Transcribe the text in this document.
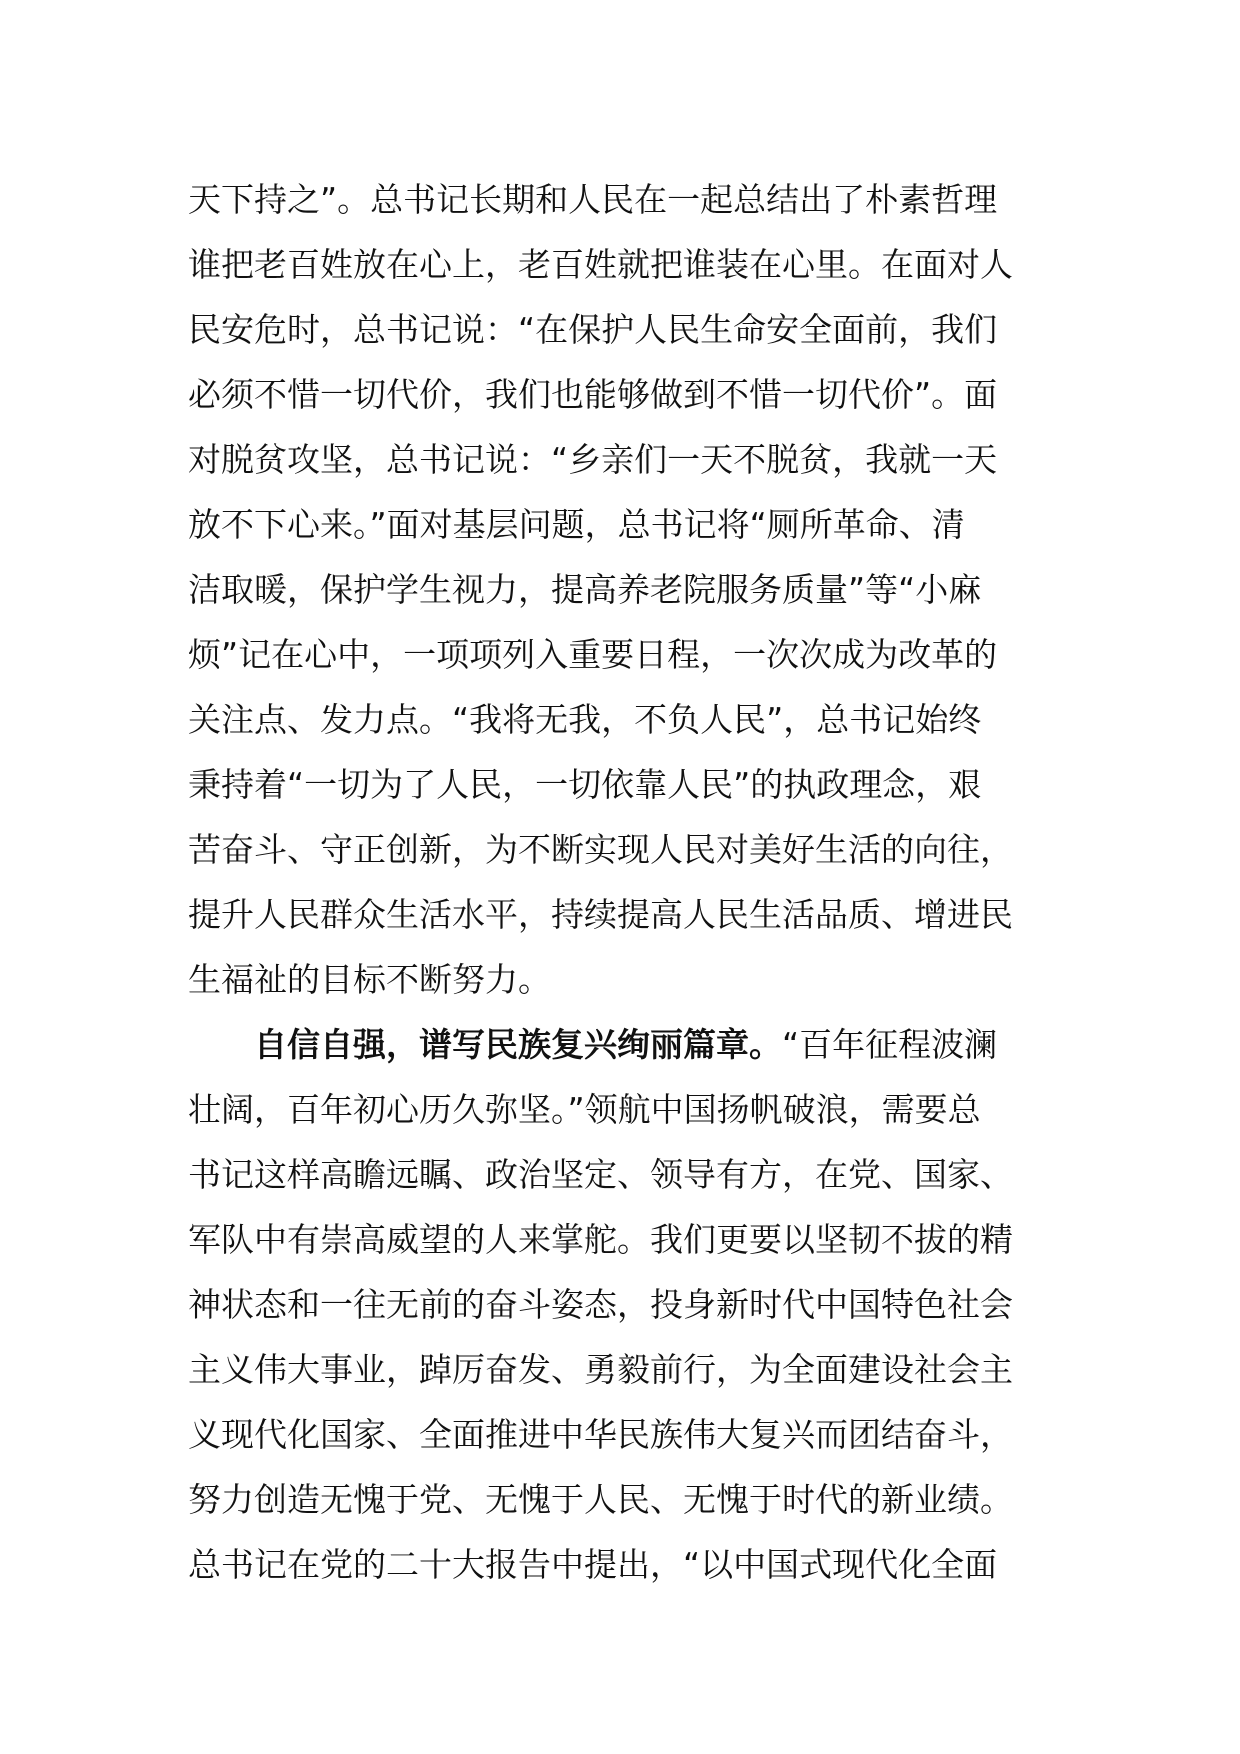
天下持之”。总书记长期和人民在一起总结出了朴素哲理
谁把老百姓放在心上，老百姓就把谁装在心里。在面对人
民安危时，总书记说：“在保护人民生命安全面前，我们
必须不惜一切代价，我们也能够做到不惜一切代价”。面
对脱贫攻坚，总书记说：“乡亲们一天不脱贫，我就一天
放不下心来。”面对基层问题，总书记将“厕所革命、清
洁取暖，保护学生视力，提高养老院服务质量”等“小麻
烦”记在心中，一项项列入重要日程，一次次成为改革的
关注点、发力点。“我将无我，不负人民”，总书记始终
秉持着“一切为了人民，一切依靠人民”的执政理念，艰
苦奋斗、守正创新，为不断实现人民对美好生活的向往，
提升人民群众生活水平，持续提高人民生活品质、增进民
生福祉的目标不断努力。
自信自强，谱写民族复兴绚丽篇章。“百年征程波澜
壮阔，百年初心历久弥坚。”领航中国扬帆破浪，需要总
书记这样高瞻远瞩、政治坚定、领导有方，在党、国家、
军队中有崇高威望的人来掌舵。我们更要以坚韧不拔的精
神状态和一往无前的奋斗姿态，投身新时代中国特色社会
主义伟大事业，踔厉奋发、勇毅前行，为全面建设社会主
义现代化国家、全面推进中华民族伟大复兴而团结奋斗，
努力创造无愧于党、无愧于人民、无愧于时代的新业绩。
总书记在党的二十大报告中提出，“以中国式现代化全面
